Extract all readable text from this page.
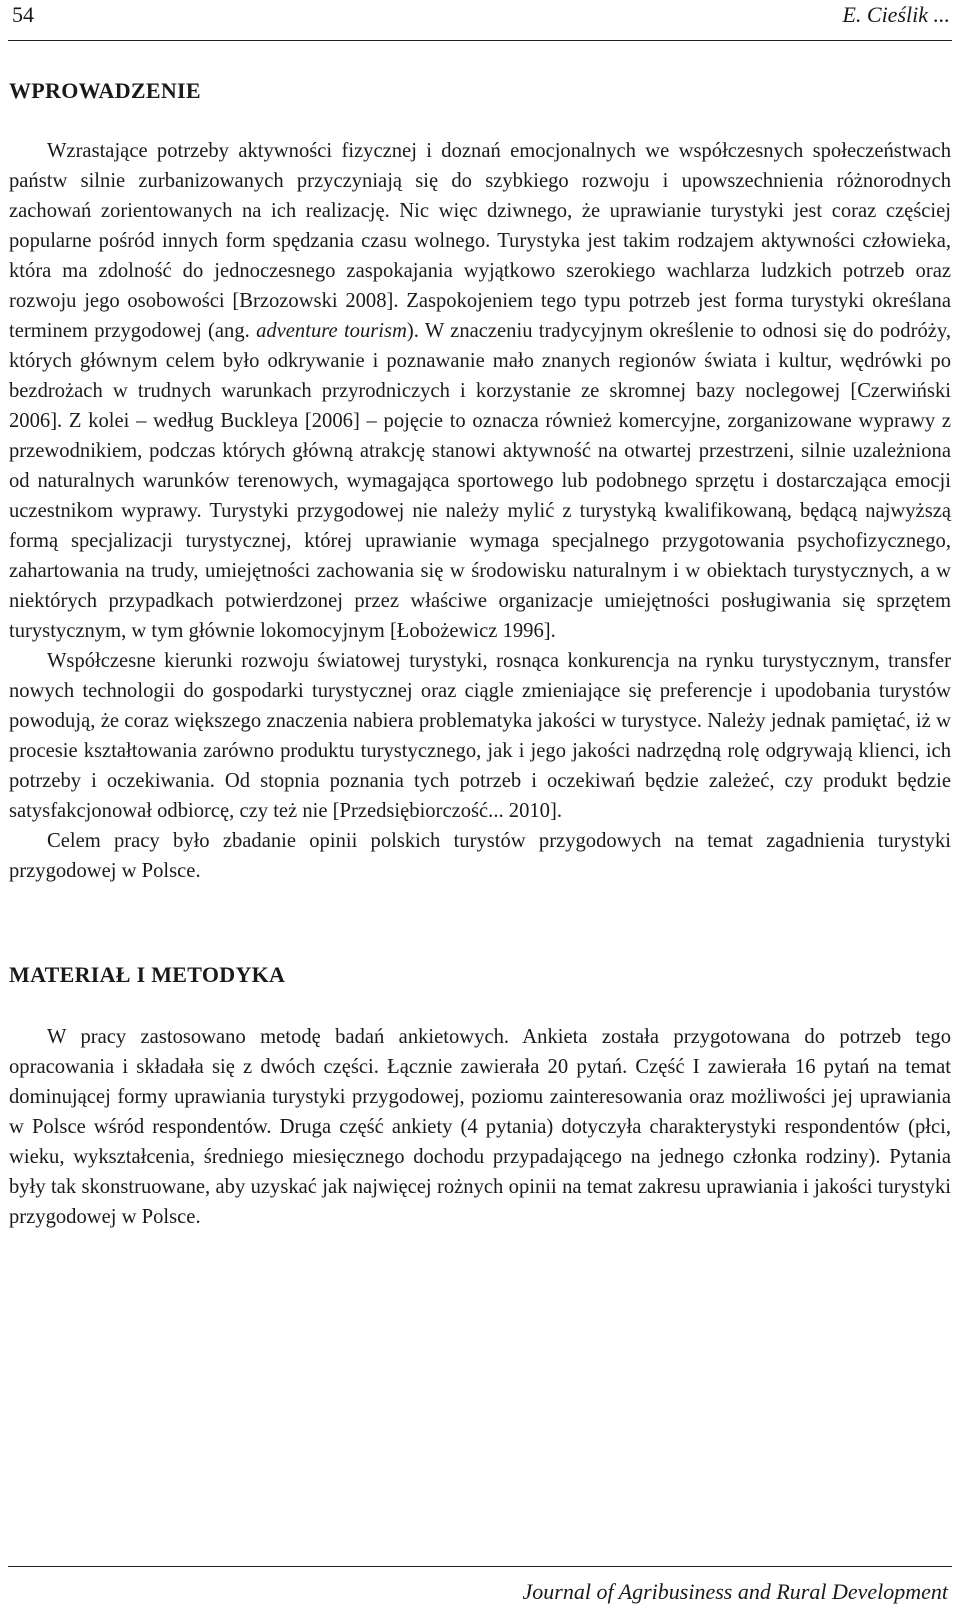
54	E. Cieślik ...
WPROWADZENIE

Wzrastające potrzeby aktywności fizycznej i doznań emocjonalnych we współczesnych społeczeństwach państw silnie zurbanizowanych przyczyniają się do szybkiego rozwoju i upowszechnienia różnorodnych zachowań zorientowanych na ich realizację. Nic więc dziwnego, że uprawianie turystyki jest coraz częściej popularne pośród innych form spędzania czasu wolnego. Turystyka jest takim rodzajem aktywności człowieka, która ma zdolność do jednoczesnego zaspokajania wyjątkowo szerokiego wachlarza ludzkich potrzeb oraz rozwoju jego osobowości [Brzozowski 2008]. Zaspokojeniem tego typu potrzeb jest forma turystyki określana terminem przygodowej (ang. adventure tourism). W znaczeniu tradycyjnym określenie to odnosi się do podróży, których głównym celem było odkrywanie i poznawanie mało znanych regionów świata i kultur, wędrówki po bezdrożach w trudnych warunkach przyrodniczych i korzystanie ze skromnej bazy noclegowej [Czerwiński 2006]. Z kolei – według Buckleya [2006] – pojęcie to oznacza również komercyjne, zorganizowane wyprawy z przewodnikiem, podczas których główną atrakcję stanowi aktywność na otwartej przestrzeni, silnie uzależniona od naturalnych warunków terenowych, wymagająca sportowego lub podobnego sprzętu i dostarczająca emocji uczestnikom wyprawy. Turystyki przygodowej nie należy mylić z turystyką kwalifikowaną, będącą najwyższą formą specjalizacji turystycznej, której uprawianie wymaga specjalnego przygotowania psychofizycznego, zahartowania na trudy, umiejętności zachowania się w środowisku naturalnym i w obiektach turystycznych, a w niektórych przypadkach potwierdzonej przez właściwe organizacje umiejętności posługiwania się sprzętem turystycznym, w tym głównie lokomocyjnym [Łobożewicz 1996].

Współczesne kierunki rozwoju światowej turystyki, rosnąca konkurencja na rynku turystycznym, transfer nowych technologii do gospodarki turystycznej oraz ciągle zmieniające się preferencje i upodobania turystów powodują, że coraz większego znaczenia nabiera problematyka jakości w turystyce. Należy jednak pamiętać, iż w procesie kształtowania zarówno produktu turystycznego, jak i jego jakości nadrzędną rolę odgrywają klienci, ich potrzeby i oczekiwania. Od stopnia poznania tych potrzeb i oczekiwań będzie zależeć, czy produkt będzie satysfakcjonował odbiorcę, czy też nie [Przedsiębiorczość... 2010].

Celem pracy było zbadanie opinii polskich turystów przygodowych na temat zagadnienia turystyki przygodowej w Polsce.

MATERIAŁ I METODYKA

W pracy zastosowano metodę badań ankietowych. Ankieta została przygotowana do potrzeb tego opracowania i składała się z dwóch części. Łącznie zawierała 20 pytań. Część I zawierała 16 pytań na temat dominującej formy uprawiania turystyki przygodowej, poziomu zainteresowania oraz możliwości jej uprawiania w Polsce wśród respondentów. Druga część ankiety (4 pytania) dotyczyła charakterystyki respondentów (płci, wieku, wykształcenia, średniego miesięcznego dochodu przypadającego na jednego członka rodziny). Pytania były tak skonstruowane, aby uzyskać jak najwięcej rożnych opinii na temat zakresu uprawiania i jakości turystyki przygodowej w Polsce.

Journal of Agribusiness and Rural Development
